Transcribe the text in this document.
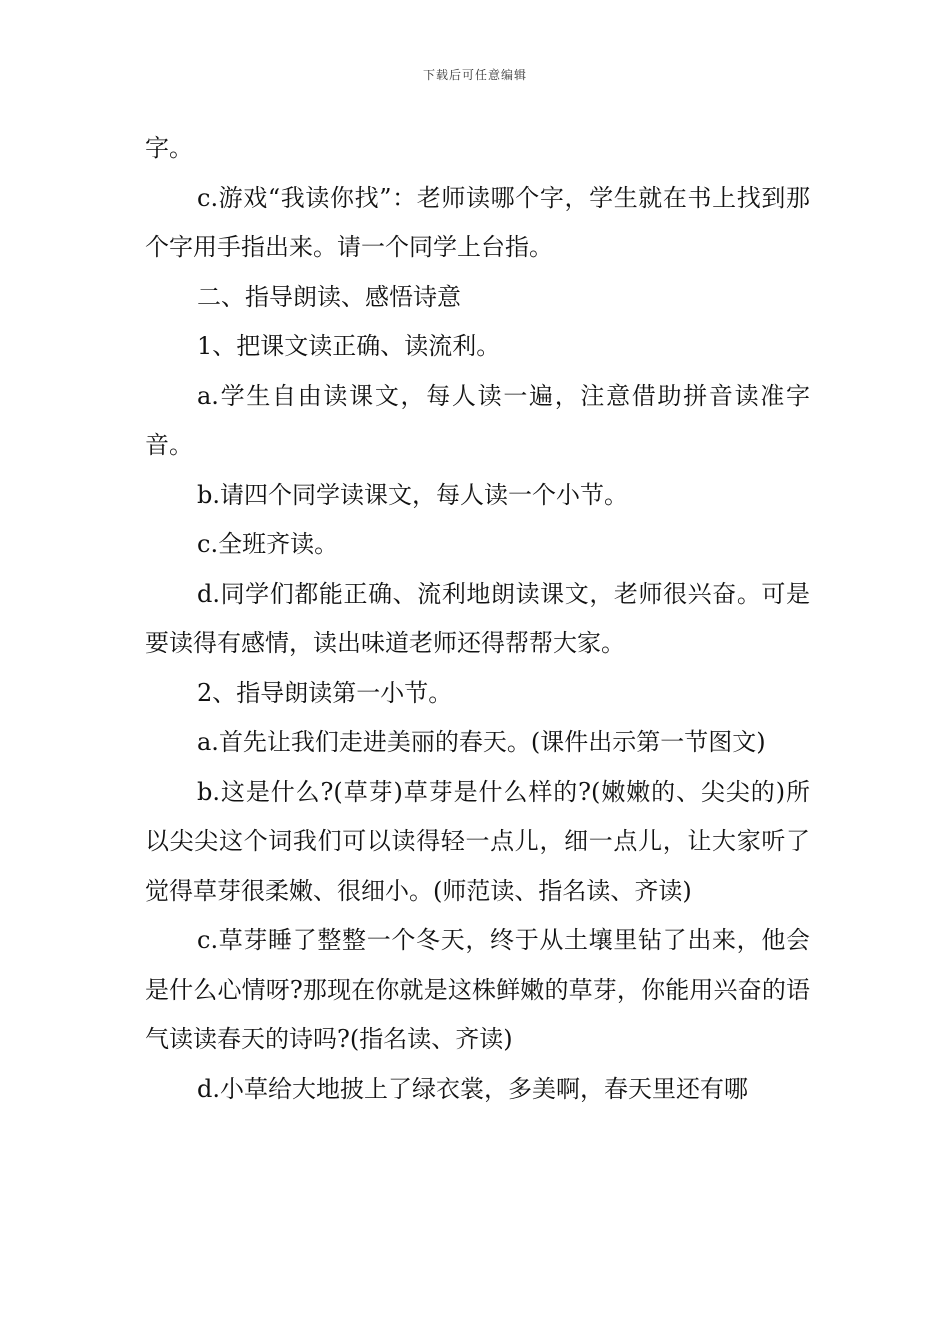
下载后可任意编辑

字。

c.游戏“我读你找”：老师读哪个字，学生就在书上找到那个字用手指出来。请一个同学上台指。

二、指导朗读、感悟诗意

1、把课文读正确、读流利。

a.学生自由读课文，每人读一遍，注意借助拼音读准字音。

b.请四个同学读课文，每人读一个小节。

c.全班齐读。

d.同学们都能正确、流利地朗读课文，老师很兴奋。可是要读得有感情，读出味道老师还得帮帮大家。

2、指导朗读第一小节。

a.首先让我们走进美丽的春天。(课件出示第一节图文)

b.这是什么?(草芽)草芽是什么样的?(嫩嫩的、尖尖的)所以尖尖这个词我们可以读得轻一点儿，细一点儿，让大家听了觉得草芽很柔嫩、很细小。(师范读、指名读、齐读)

c.草芽睡了整整一个冬天，终于从土壤里钻了出来，他会是什么心情呀?那现在你就是这株鲜嫩的草芽，你能用兴奋的语气读读春天的诗吗?(指名读、齐读)

d.小草给大地披上了绿衣裳，多美啊，春天里还有哪
